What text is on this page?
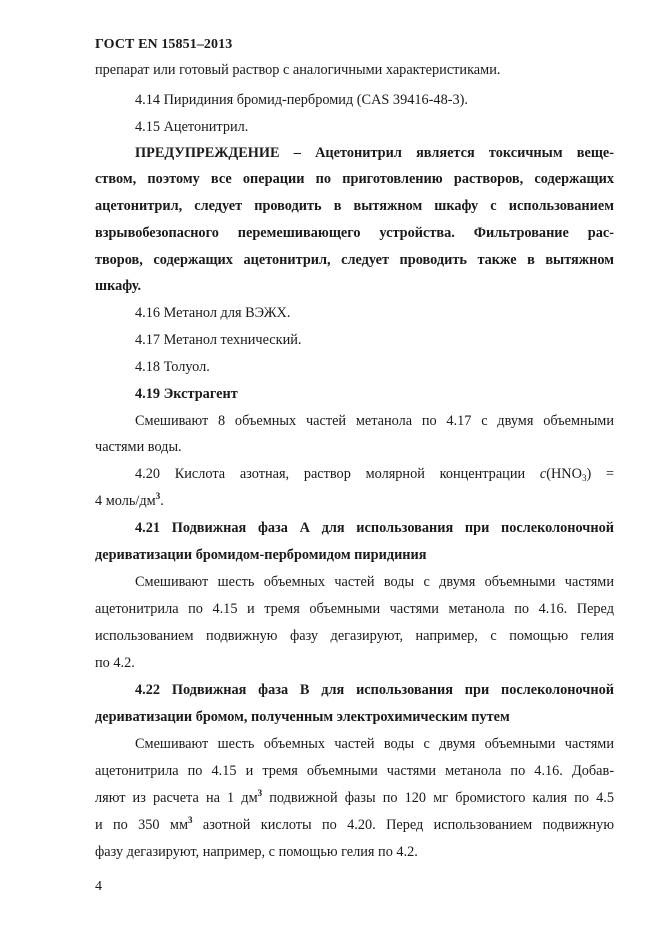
ГОСТ EN 15851–2013
препарат или готовый раствор с аналогичными характеристиками.
4.14 Пиридиния бромид-пербромид (CAS 39416-48-3).
4.15 Ацетонитрил.
ПРЕДУПРЕЖДЕНИЕ – Ацетонитрил является токсичным веще-
ством, поэтому все операции по приготовлению растворов, содержащих
ацетонитрил, следует проводить в вытяжном шкафу с использованием
взрывобезопасного перемешивающего устройства. Фильтрование рас-
творов, содержащих ацетонитрил, следует проводить также в вытяжном
шкафу.
4.16 Метанол для ВЭЖХ.
4.17 Метанол технический.
4.18 Толуол.
4.19 Экстрагент
Смешивают 8 объемных частей метанола по 4.17 с двумя объемными
частями воды.
4.20 Кислота азотная, раствор молярной концентрации $c(HNO_3)$ =
4 моль/$дм^3$.
4.21 Подвижная фаза А для использования при послеколоночной
дериватизации бромидом-пербромидом пиридиния
Смешивают шесть объемных частей воды с двумя объемными частями
ацетонитрила по 4.15 и тремя объемными частями метанола по 4.16. Перед
использованием подвижную фазу дегазируют, например, с помощью гелия
по 4.2.
4.22 Подвижная фаза В для использования при послеколоночной
дериватизации бромом, полученным электрохимическим путем
Смешивают шесть объемных частей воды с двумя объемными частями
ацетонитрила по 4.15 и тремя объемными частями метанола по 4.16. Добав-
ляют из расчета на 1 $дм^3$ подвижной фазы по 120 мг бромистого калия по 4.5
и по 350 $мм^3$ азотной кислоты по 4.20. Перед использованием подвижную
фазу дегазируют, например, с помощью гелия по 4.2.
4
